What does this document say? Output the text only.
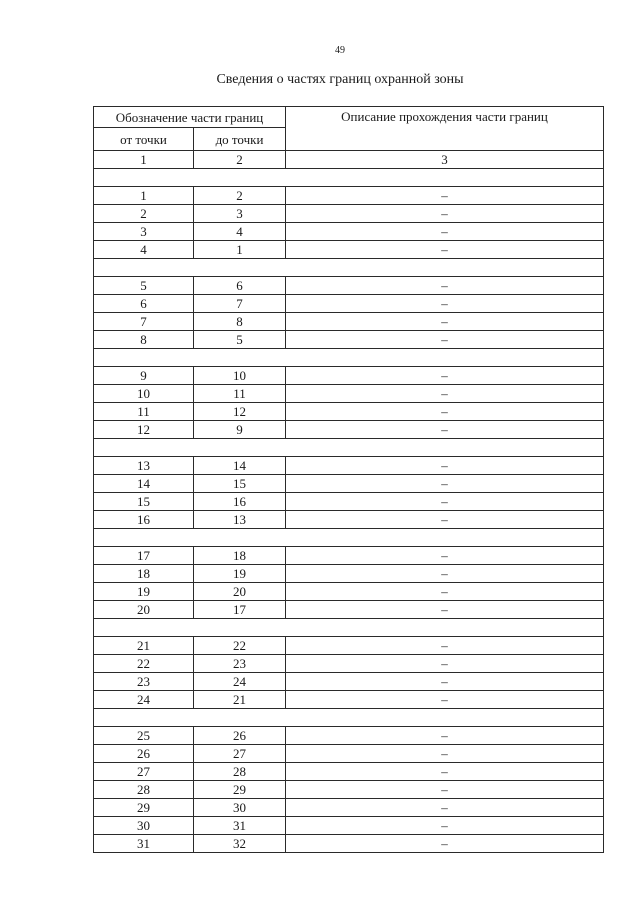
49
Сведения о частях границ охранной зоны
Обозначение части границ		Описание прохождения части границ
от точки	до точки	
1	2	3

1	2	–
2	3	–
3	4	–
4	1	–

5	6	–
6	7	–
7	8	–
8	5	–

9	10	–
10	11	–
11	12	–
12	9	–

13	14	–
14	15	–
15	16	–
16	13	–

17	18	–
18	19	–
19	20	–
20	17	–

21	22	–
22	23	–
23	24	–
24	21	–

25	26	–
26	27	–
27	28	–
28	29	–
29	30	–
30	31	–
31	32	–
